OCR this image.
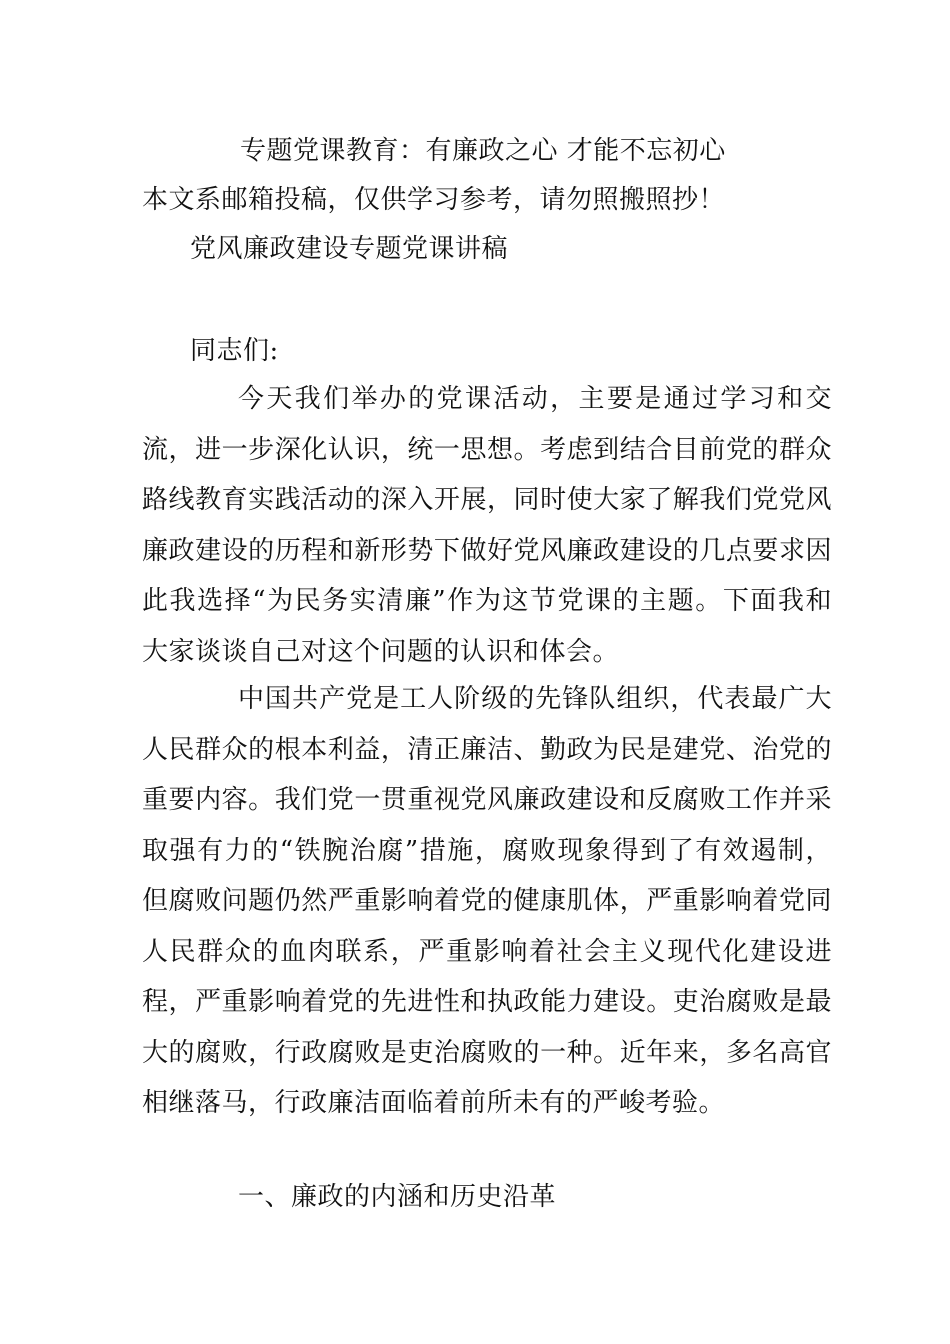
专题党课教育：有廉政之心 才能不忘初心
本文系邮箱投稿，仅供学习参考，请勿照搬照抄！
党风廉政建设专题党课讲稿
同志们:
今天我们举办的党课活动，主要是通过学习和交流，进一步深化认识，统一思想。考虑到结合目前党的群众路线教育实践活动的深入开展，同时使大家了解我们党党风廉政建设的历程和新形势下做好党风廉政建设的几点要求因此我选择“为民务实清廉”作为这节党课的主题。下面我和大家谈谈自己对这个问题的认识和体会。
中国共产党是工人阶级的先锋队组织，代表最广大人民群众的根本利益，清正廉洁、勤政为民是建党、治党的重要内容。我们党一贯重视党风廉政建设和反腐败工作并采取强有力的“铁腕治腐”措施，腐败现象得到了有效遏制，但腐败问题仍然严重影响着党的健康肌体，严重影响着党同人民群众的血肉联系，严重影响着社会主义现代化建设进程，严重影响着党的先进性和执政能力建设。吏治腐败是最大的腐败，行政腐败是吏治腐败的一种。近年来，多名高官相继落马，行政廉洁面临着前所未有的严峻考验。
一、廉政的内涵和历史沿革
